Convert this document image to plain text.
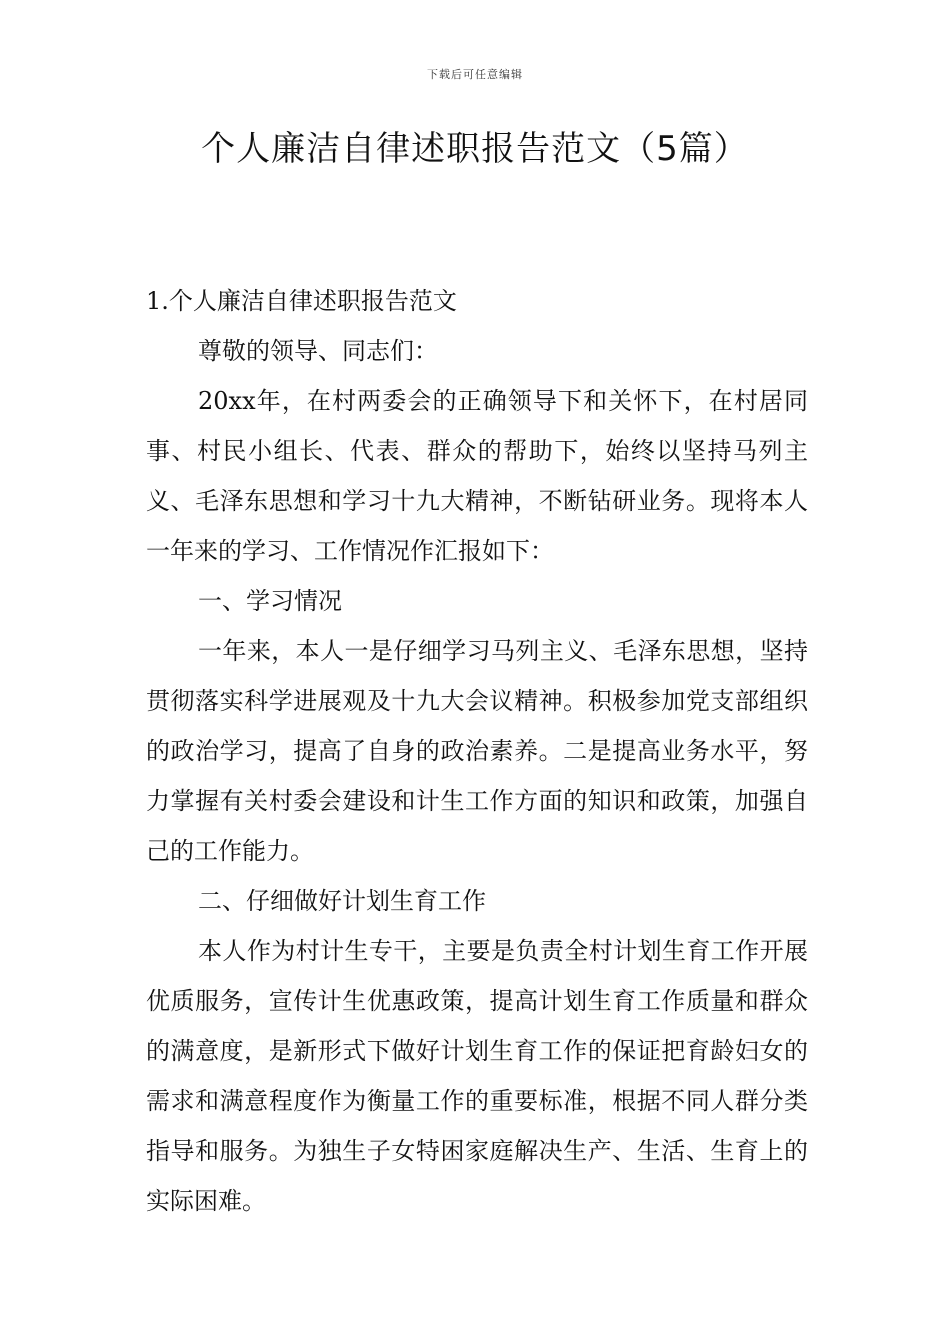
下载后可任意编辑
个人廉洁自律述职报告范文（5篇）

1.个人廉洁自律述职报告范文

尊敬的领导、同志们：

20xx年，在村两委会的正确领导下和关怀下，在村居同事、村民小组长、代表、群众的帮助下，始终以坚持马列主义、毛泽东思想和学习十九大精神，不断钻研业务。现将本人一年来的学习、工作情况作汇报如下：

一、学习情况

一年来，本人一是仔细学习马列主义、毛泽东思想，坚持贯彻落实科学进展观及十九大会议精神。积极参加党支部组织的政治学习，提高了自身的政治素养。二是提高业务水平，努力掌握有关村委会建设和计生工作方面的知识和政策，加强自己的工作能力。

二、仔细做好计划生育工作

本人作为村计生专干，主要是负责全村计划生育工作开展优质服务，宣传计生优惠政策，提高计划生育工作质量和群众的满意度，是新形式下做好计划生育工作的保证把育龄妇女的需求和满意程度作为衡量工作的重要标准，根据不同人群分类指导和服务。为独生子女特困家庭解决生产、生活、生育上的实际困难。
